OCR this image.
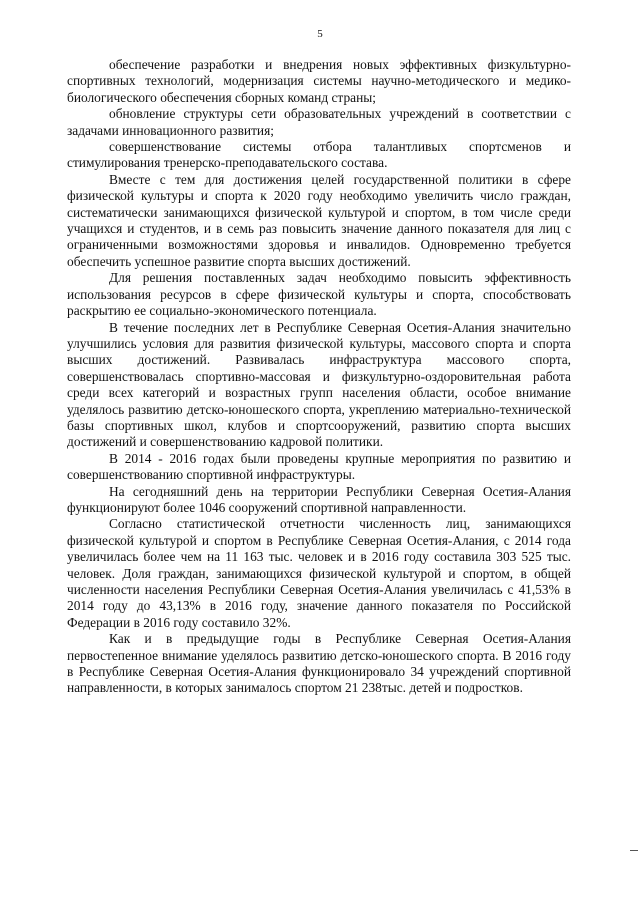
5

обеспечение разработки и внедрения новых эффективных физкультурно-спортивных технологий, модернизация системы научно-методического и медико-биологического обеспечения сборных команд страны;

обновление структуры сети образовательных учреждений в соответствии с задачами инновационного развития;

совершенствование системы отбора талантливых спортсменов и стимулирования тренерско-преподавательского состава.

Вместе с тем для достижения целей государственной политики в сфере физической культуры и спорта к 2020 году необходимо увеличить число граждан, систематически занимающихся физической культурой и спортом, в том числе среди учащихся и студентов, и в семь раз повысить значение данного показателя для лиц с ограниченными возможностями здоровья и инвалидов. Одновременно требуется обеспечить успешное развитие спорта высших достижений.

Для решения поставленных задач необходимо повысить эффективность использования ресурсов в сфере физической культуры и спорта, способствовать раскрытию ее социально-экономического потенциала.

В течение последних лет в Республике Северная Осетия-Алания значительно улучшились условия для развития физической культуры, массового спорта и спорта высших достижений. Развивалась инфраструктура массового спорта, совершенствовалась спортивно-массовая и физкультурно-оздоровительная работа среди всех категорий и возрастных групп населения области, особое внимание уделялось развитию детско-юношеского спорта, укреплению материально-технической базы спортивных школ, клубов и спортсооружений, развитию спорта высших достижений и совершенствованию кадровой политики.

В 2014 - 2016 годах были проведены крупные мероприятия по развитию и совершенствованию спортивной инфраструктуры.

На сегодняшний день на территории Республики Северная Осетия-Алания функционируют более 1046 сооружений спортивной направленности.

Согласно статистической отчетности численность лиц, занимающихся физической культурой и спортом в Республике Северная Осетия-Алания, с 2014 года увеличилась более чем на 11 163 тыс. человек и в 2016 году составила 303 525 тыс. человек. Доля граждан, занимающихся физической культурой и спортом, в общей численности населения Республики Северная Осетия-Алания увеличилась с 41,53% в 2014 году до 43,13% в 2016 году, значение данного показателя по Российской Федерации в 2016 году составило 32%.

Как и в предыдущие годы в Республике Северная Осетия-Алания первостепенное внимание уделялось развитию детско-юношеского спорта. В 2016 году в Республике Северная Осетия-Алания функционировало 34 учреждений спортивной направленности, в которых занималось спортом 21 238тыс. детей и подростков.
